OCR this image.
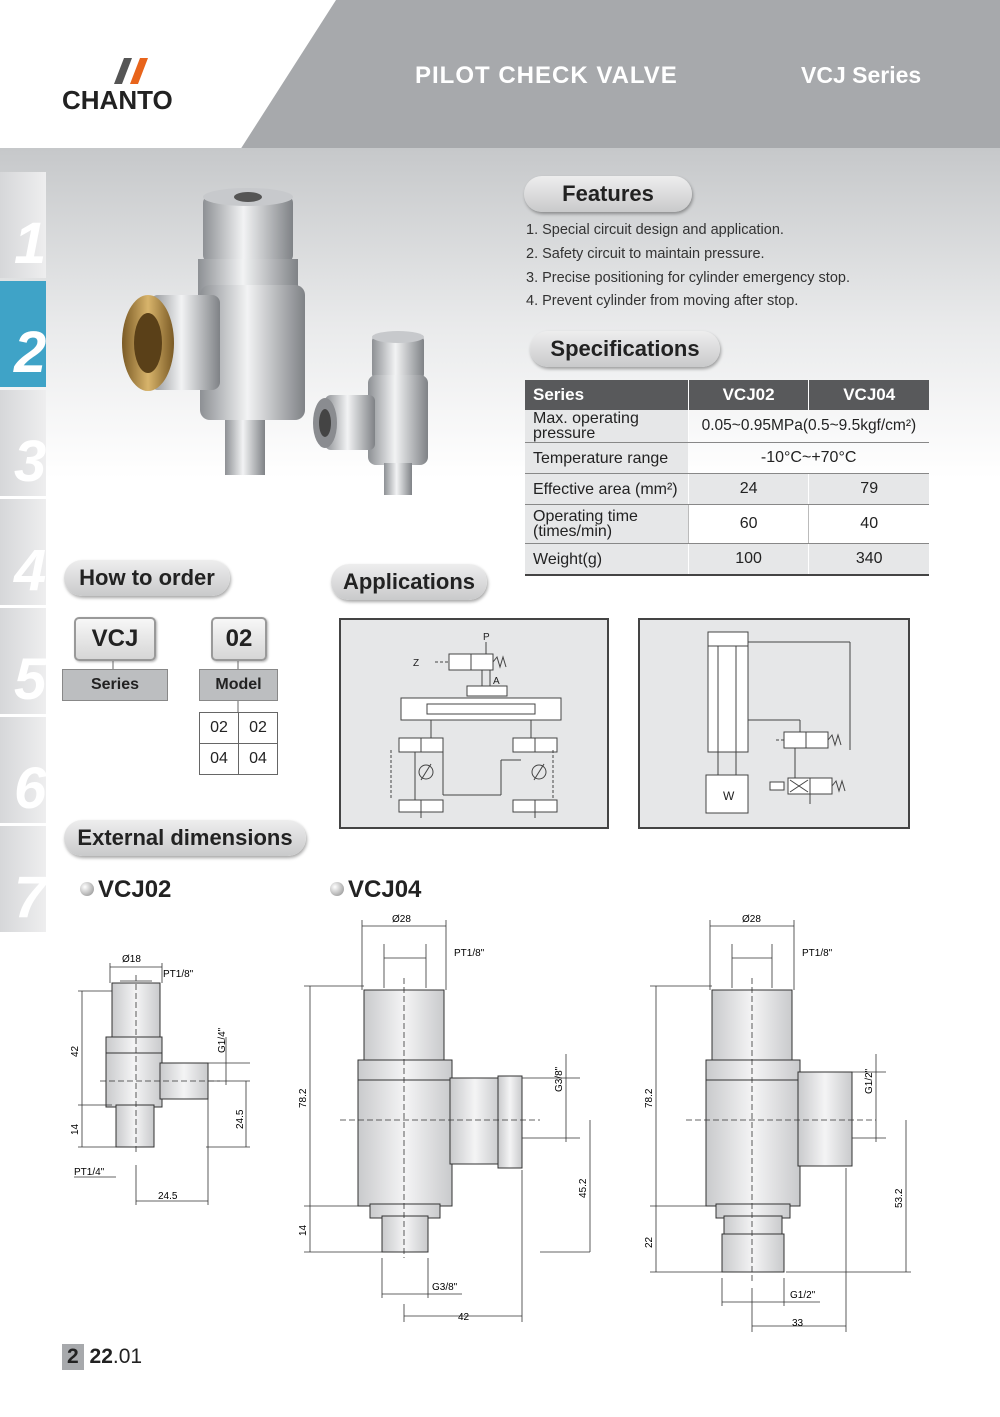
CHANTO
PILOT CHECK VALVE	VCJ Series
1
2
3
4
5
6
7
Features
1. Special circuit design and application.
2. Safety circuit to maintain pressure.
3. Precise positioning for cylinder emergency stop.
4. Prevent cylinder from moving after stop.
Specifications
Series	VCJ02	VCJ04
Max. operating pressure	0.05~0.95MPa(0.5~9.5kgf/cm²)	
Temperature range	-10°C~+70°C	
Effective area (mm²)	24	79
Operating time (times/min)	60	40
Weight(g)	100	340
How to order
VCJ	02
Series	Model
02	02
04	04
Applications
P
Z
A
W
External dimensions
VCJ02	VCJ04
Ø18
PT1/8"
G1/4"
42
14
24.5
PT1/4"
24.5
Ø28
PT1/8"
G3/8"
78.2
14
45.2
G3/8"
42
Ø28
PT1/8"
G1/2"
78.2
22
53.2
G1/2"
33
2 22.01
